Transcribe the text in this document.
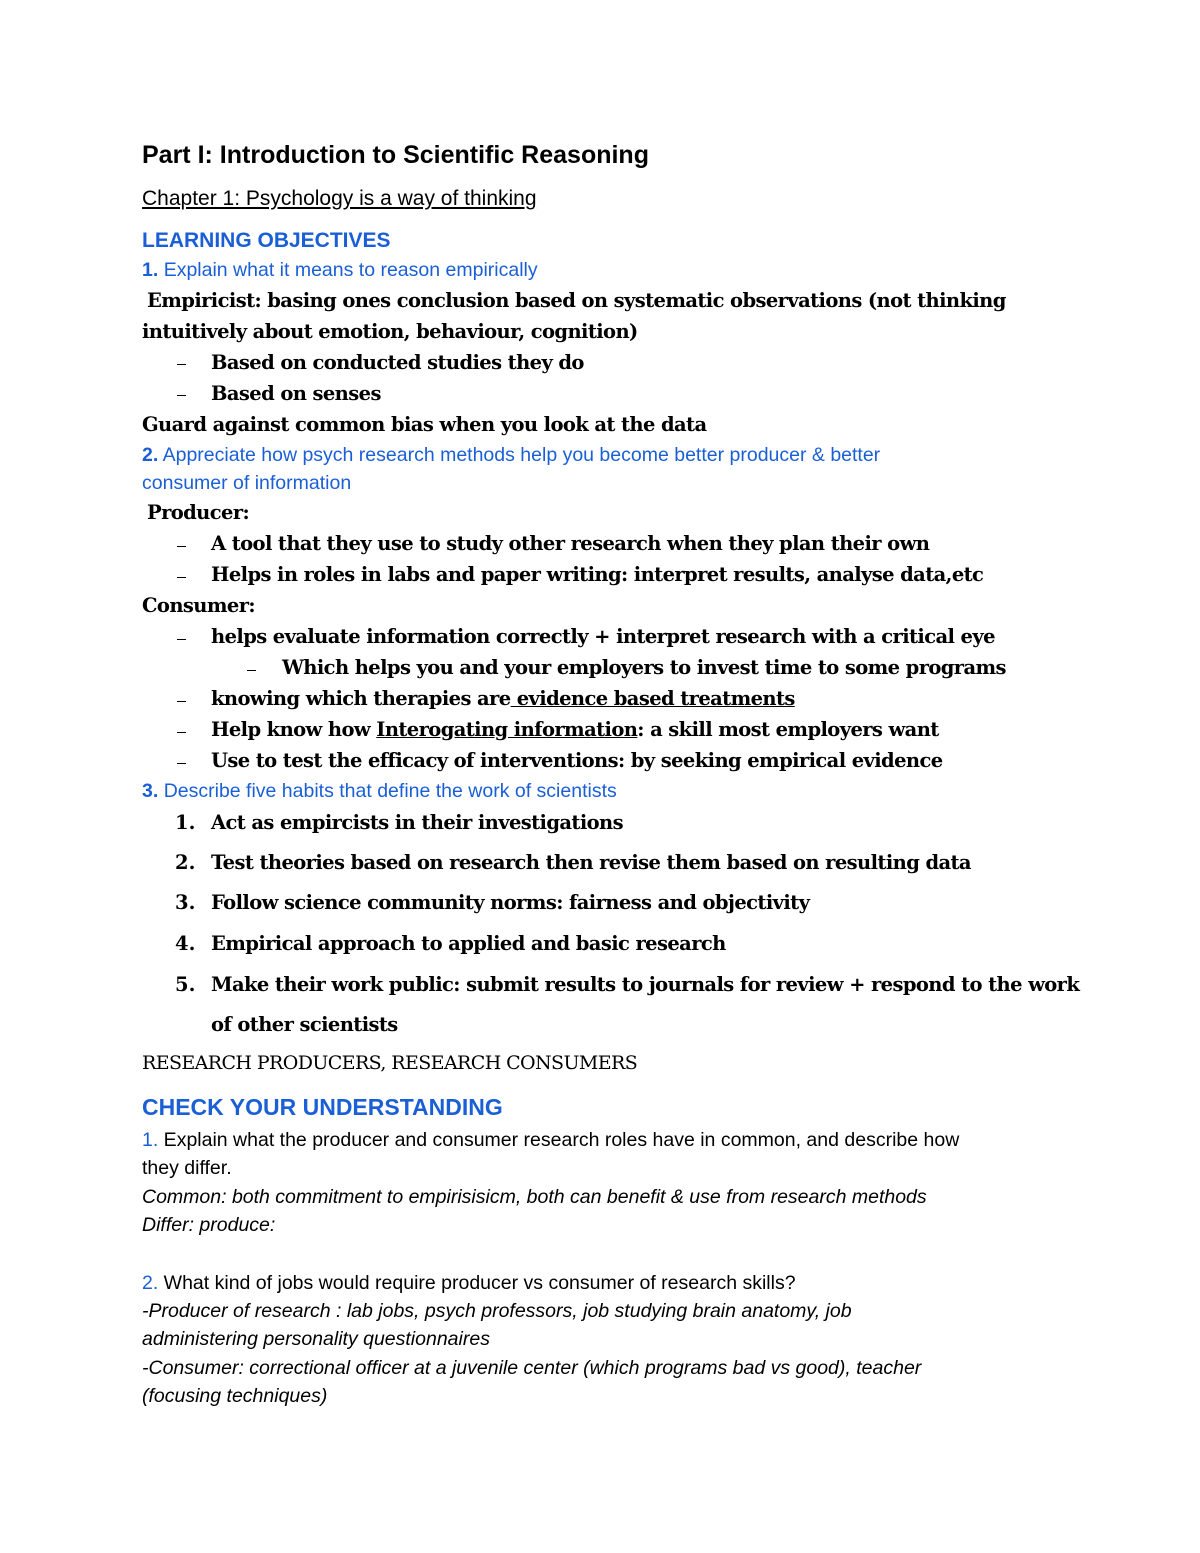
Part I: Introduction to Scientific Reasoning
Chapter 1: Psychology is a way of thinking
LEARNING OBJECTIVES
1. Explain what it means to reason empirically
Empiricist: basing ones conclusion based on systematic observations (not thinking
intuitively about emotion, behaviour, cognition)
Based on conducted studies they do
Based on senses
Guard against common bias when you look at the data
2. Appreciate how psych research methods help you become better producer & better
consumer of information
Producer:
A tool that they use to study other research when they plan their own
Helps in roles in labs and paper writing: interpret results, analyse data,etc
Consumer:
helps evaluate information correctly + interpret research with a critical eye
Which helps you and your employers to invest time to some programs
knowing which therapies are evidence based treatments
Help know how Interogating information: a skill most employers want
Use to test the efficacy of interventions: by seeking empirical evidence
3. Describe five habits that define the work of scientists
1. Act as empircists in their investigations
2. Test theories based on research then revise them based on resulting data
3. Follow science community norms: fairness and objectivity
4. Empirical approach to applied and basic research
5. Make their work public: submit results to journals for review + respond to the work
of other scientists
RESEARCH PRODUCERS, RESEARCH CONSUMERS
CHECK YOUR UNDERSTANDING
1. Explain what the producer and consumer research roles have in common, and describe how
they differ.
Common: both commitment to empirisisicm, both can benefit & use from research methods
Differ: produce:
2. What kind of jobs would require producer vs consumer of research skills?
-Producer of research : lab jobs, psych professors, job studying brain anatomy, job
administering personality questionnaires
-Consumer: correctional officer at a juvenile center (which programs bad vs good), teacher
(focusing techniques)
